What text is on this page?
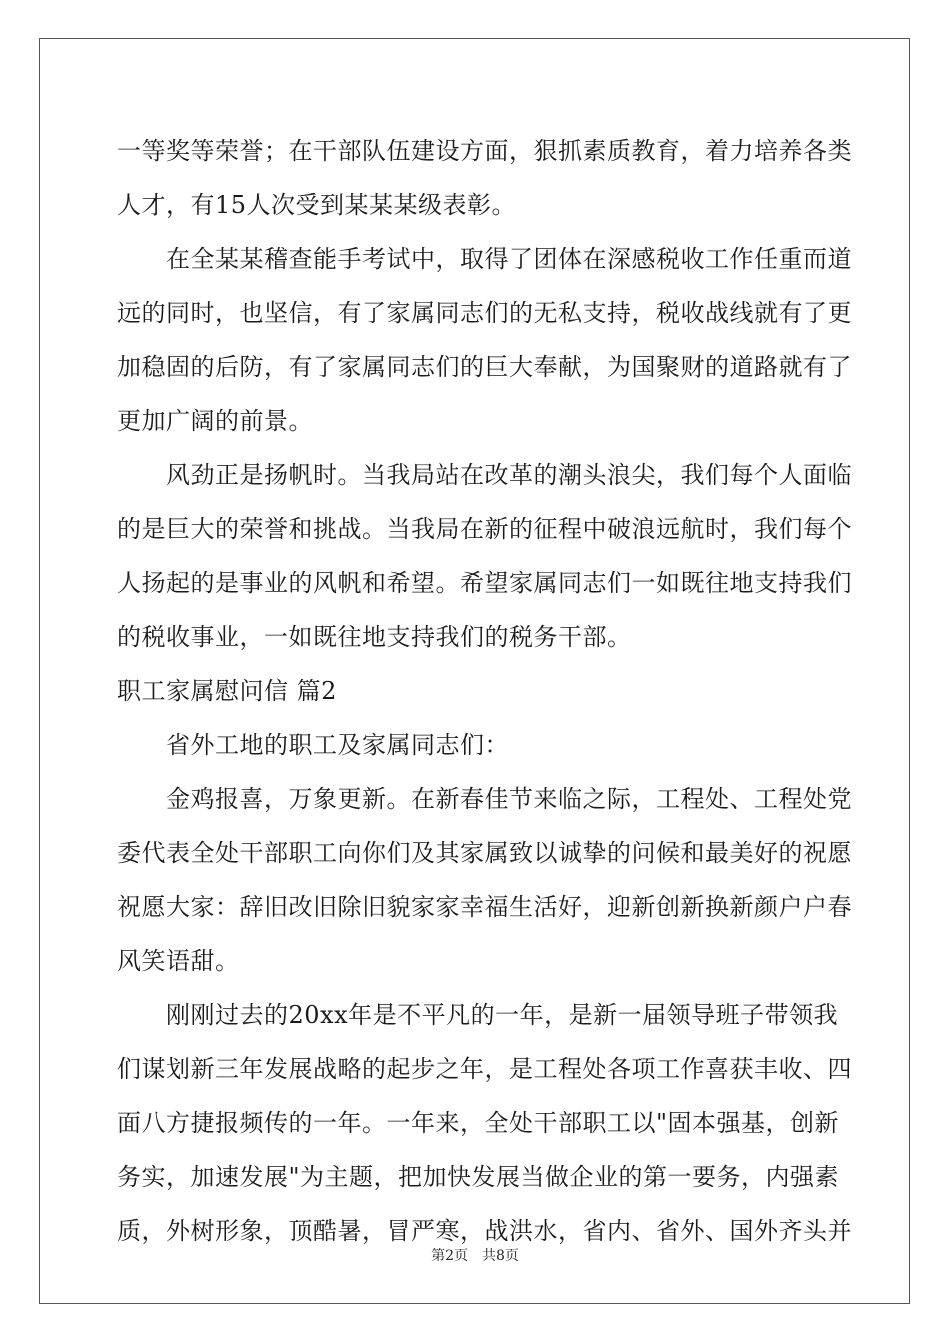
一等奖等荣誉；在干部队伍建设方面，狠抓素质教育，着力培养各类
人才，有15人次受到某某某级表彰。
在全某某稽查能手考试中，取得了团体在深感税收工作任重而道
远的同时，也坚信，有了家属同志们的无私支持，税收战线就有了更
加稳固的后防，有了家属同志们的巨大奉献，为国聚财的道路就有了
更加广阔的前景。
风劲正是扬帆时。当我局站在改革的潮头浪尖，我们每个人面临
的是巨大的荣誉和挑战。当我局在新的征程中破浪远航时，我们每个
人扬起的是事业的风帆和希望。希望家属同志们一如既往地支持我们
的税收事业，一如既往地支持我们的税务干部。
职工家属慰问信 篇2
省外工地的职工及家属同志们：
金鸡报喜，万象更新。在新春佳节来临之际，工程处、工程处党
委代表全处干部职工向你们及其家属致以诚挚的问候和最美好的祝愿
祝愿大家：辞旧改旧除旧貌家家幸福生活好，迎新创新换新颜户户春
风笑语甜。
刚刚过去的20xx年是不平凡的一年，是新一届领导班子带领我
们谋划新三年发展战略的起步之年，是工程处各项工作喜获丰收、四
面八方捷报频传的一年。一年来，全处干部职工以"固本强基，创新
务实，加速发展"为主题，把加快发展当做企业的第一要务，内强素
质，外树形象，顶酷暑，冒严寒，战洪水，省内、省外、国外齐头并
第2页　共8页
